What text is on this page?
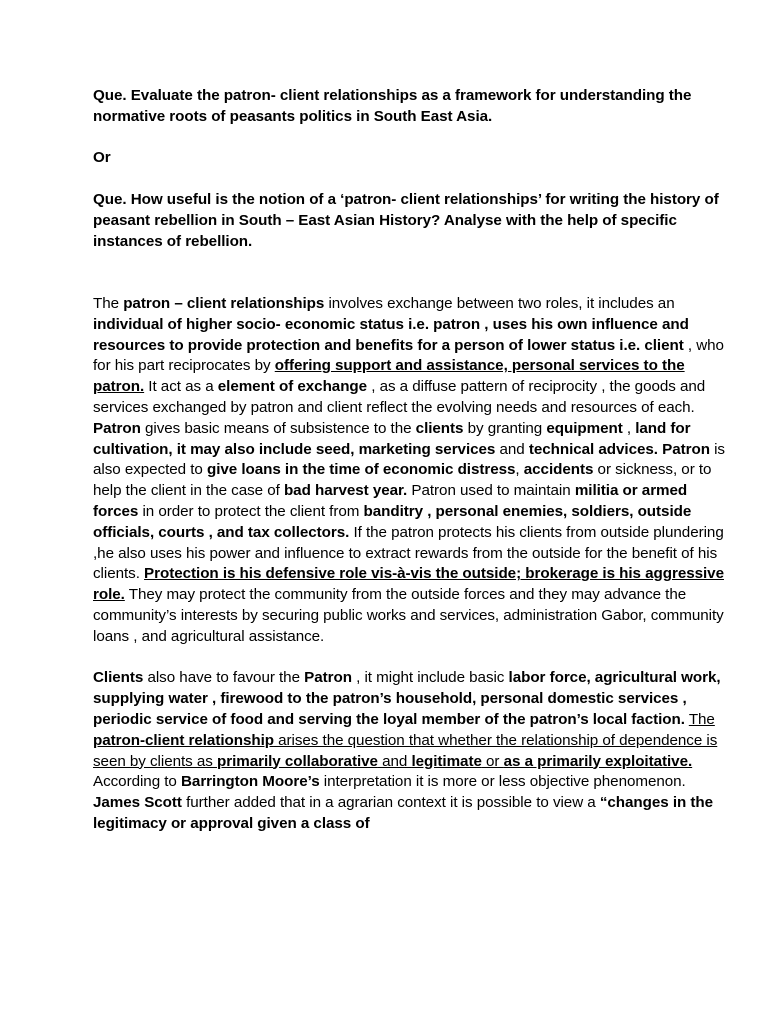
Que. Evaluate the patron- client relationships as a framework for understanding the normative roots of peasants politics in South East Asia.

Or

Que. How useful is the notion of a ‘patron- client relationships’ for writing the history of peasant rebellion in South – East Asian History? Analyse with the help of specific instances of rebellion.

The patron – client relationships involves exchange between two roles, it includes an individual of higher socio- economic status i.e. patron , uses his own influence and resources to provide protection and benefits for a person of lower status i.e. client , who for his part reciprocates by offering support and assistance, personal services to the patron. It act as a element of exchange , as a diffuse pattern of reciprocity , the goods and services exchanged by patron and client reflect the evolving needs and resources of each. Patron gives basic means of subsistence to the clients by granting equipment , land for cultivation, it may also include seed, marketing services and technical advices. Patron is also expected to give loans in the time of economic distress, accidents or sickness, or to help the client in the case of bad harvest year. Patron used to maintain militia or armed forces in order to protect the client from banditry , personal enemies, soldiers, outside officials, courts , and tax collectors. If the patron protects his clients from outside plundering ,he also uses his power and influence to extract rewards from the outside for the benefit of his clients. Protection is his defensive role vis-à-vis the outside; brokerage is his aggressive role. They may protect the community from the outside forces and they may advance the community’s interests by securing public works and services, administration Gabor, community loans , and agricultural assistance.

Clients also have to favour the Patron , it might include basic labor force, agricultural work, supplying water , firewood to the patron’s household, personal domestic services , periodic service of food and serving the loyal member of the patron’s local faction. The patron-client relationship arises the question that whether the relationship of dependence is seen by clients as primarily collaborative and legitimate or as a primarily exploitative. According to Barrington Moore’s interpretation it is more or less objective phenomenon. James Scott further added that in a agrarian context it is possible to view a “changes in the legitimacy or approval given a class of
